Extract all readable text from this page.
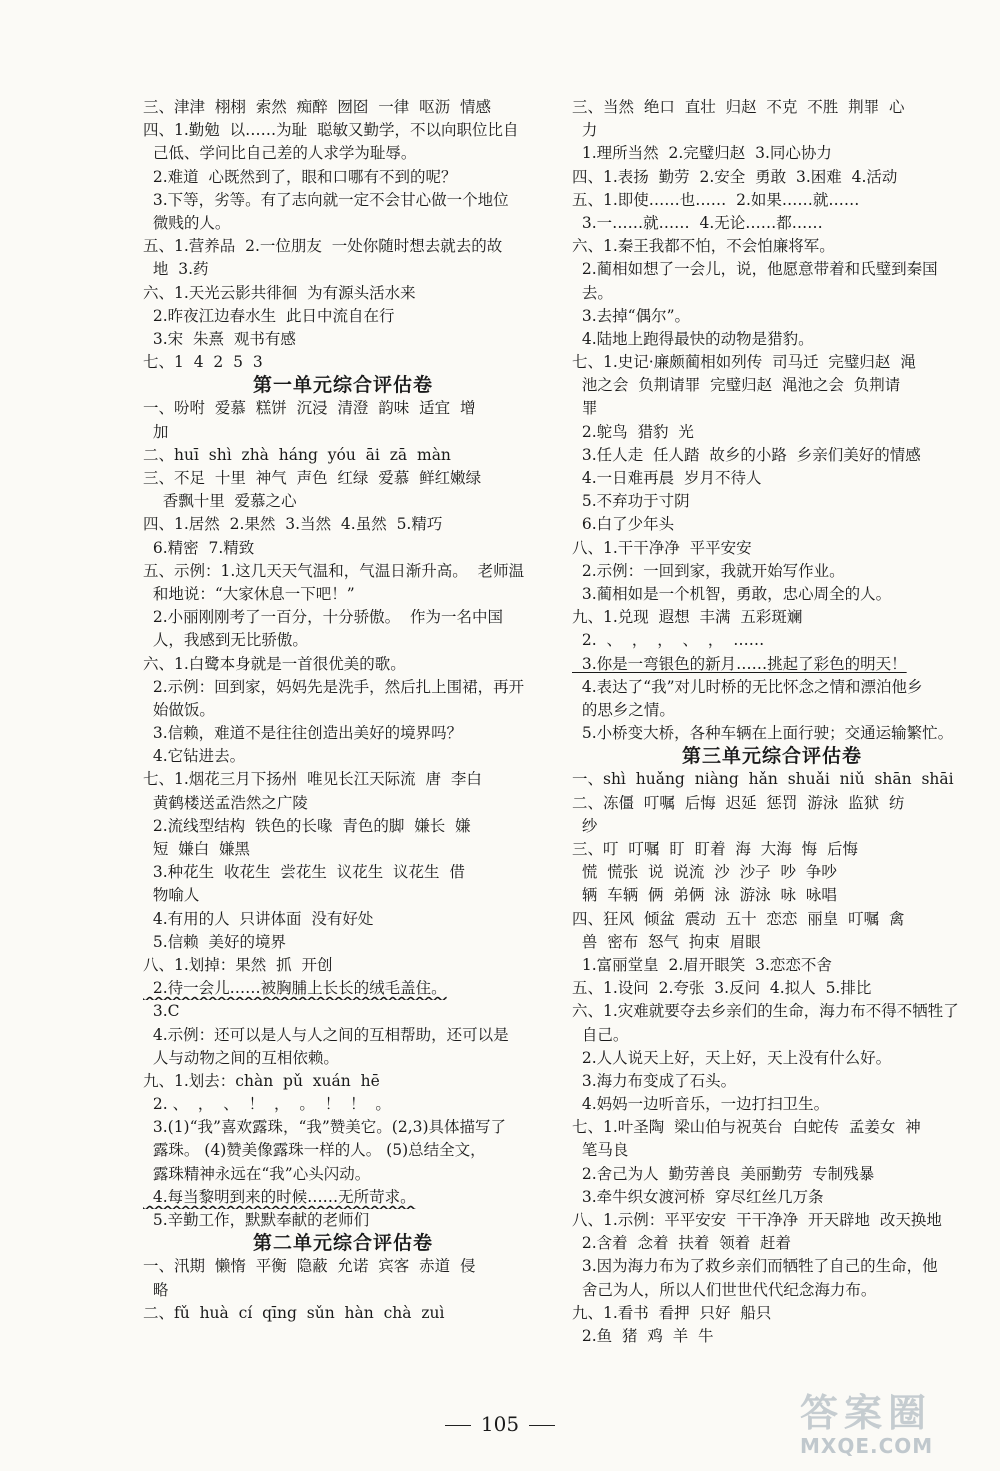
三、津津  栩栩  索然  痴醉  囫囵  一律  呕沥  情感
四、1.勤勉  以……为耻  聪敏又勤学，不以向职位比自
己低、学问比自己差的人求学为耻辱。
2.难道  心既然到了，眼和口哪有不到的呢？
3.下等，劣等。有了志向就一定不会甘心做一个地位
微贱的人。
五、1.营养品  2.一位朋友  一处你随时想去就去的故
地  3.药
六、1.天光云影共徘徊  为有源头活水来
2.昨夜江边春水生  此日中流自在行
3.宋  朱熹  观书有感
七、1  4  2  5  3
第一单元综合评估卷
一、吩咐  爱慕  糕饼  沉浸  清澄  韵味  适宜  增
加
二、huī  shì  zhà  háng  yóu  āi  zā  màn
三、不足  十里  神气  声色  红绿  爱慕  鲜红嫩绿
香飘十里  爱慕之心
四、1.居然  2.果然  3.当然  4.虽然  5.精巧
6.精密  7.精致
五、示例：1.这几天天气温和，气温日渐升高。  老师温
和地说：“大家休息一下吧！”
2.小丽刚刚考了一百分，十分骄傲。  作为一名中国
人，我感到无比骄傲。
六、1.白鹭本身就是一首很优美的歌。
2.示例：回到家，妈妈先是洗手，然后扎上围裙，再开
始做饭。
3.信赖，难道不是往往创造出美好的境界吗？
4.它钻进去。
七、1.烟花三月下扬州  唯见长江天际流  唐  李白
黄鹤楼送孟浩然之广陵
2.流线型结构  铁色的长喙  青色的脚  嫌长  嫌
短  嫌白  嫌黑
3.种花生  收花生  尝花生  议花生  议花生  借
物喻人
4.有用的人  只讲体面  没有好处
5.信赖  美好的境界
八、1.划掉：果然  抓  开创
2.待一会儿……被胸脯上长长的绒毛盖住。
3.C
4.示例：还可以是人与人之间的互相帮助，还可以是
人与动物之间的互相依赖。
九、1.划去：chàn  pǔ  xuán  hē
2. 、  ，  、  ！  ，  。  ！  ！  。
3.(1)“我”喜欢露珠，“我”赞美它。(2,3)具体描写了
露珠。 (4)赞美像露珠一样的人。 (5)总结全文，
露珠精神永远在“我”心头闪动。
4.每当黎明到来的时候……无所苛求。
5.辛勤工作，默默奉献的老师们
第二单元综合评估卷
一、汛期  懒惰  平衡  隐蔽  允诺  宾客  赤道  侵
略
二、fǔ  huà  cí  qīng  sǔn  hàn  chà  zuì
三、当然  绝口  直壮  归赵  不克  不胜  荆罪  心
力
1.理所当然  2.完璧归赵  3.同心协力
四、1.表扬  勤劳  2.安全  勇敢  3.困难  4.活动
五、1.即使……也……  2.如果……就……
3.一……就……  4.无论……都……
六、1.秦王我都不怕，不会怕廉将军。
2.蔺相如想了一会儿，说，他愿意带着和氏璧到秦国
去。
3.去掉“偶尔”。
4.陆地上跑得最快的动物是猎豹。
七、1.史记·廉颇蔺相如列传  司马迁  完璧归赵  渑
池之会  负荆请罪  完璧归赵  渑池之会  负荆请
罪
2.鸵鸟  猎豹  光
3.任人走  任人踏  故乡的小路  乡亲们美好的情感
4.一日难再晨  岁月不待人
5.不弃功于寸阴
6.白了少年头
八、1.干干净净  平平安安
2.示例：一回到家，我就开始写作业。
3.蔺相如是一个机智，勇敢，忠心周全的人。
九、1.兑现  遐想  丰满  五彩斑斓
2.  、  ，  ，  、  ，  ……
3.你是一弯银色的新月……挑起了彩色的明天！
4.表达了“我”对儿时桥的无比怀念之情和漂泊他乡
的思乡之情。
5.小桥变大桥，各种车辆在上面行驶；交通运输繁忙。
第三单元综合评估卷
一、shì  huǎng  niàng  hǎn  shuǎi  niǔ  shān  shāi
二、冻僵  叮嘱  后悔  迟延  惩罚  游泳  监狱  纺
纱
三、叮  叮嘱  盯  盯着  海  大海  悔  后悔
慌  慌张  说  说流  沙  沙子  吵  争吵
辆  车辆  俩  弟俩  泳  游泳  咏  咏唱
四、狂风  倾盆  震动  五十  恋恋  丽皇  叮嘱  禽
兽  密布  怒气  拘束  眉眼
1.富丽堂皇  2.眉开眼笑  3.恋恋不舍
五、1.设问  2.夸张  3.反问  4.拟人  5.排比
六、1.灾难就要夺去乡亲们的生命，海力布不得不牺牲了
自己。
2.人人说天上好，天上好，天上没有什么好。
3.海力布变成了石头。
4.妈妈一边听音乐，一边打扫卫生。
七、1.叶圣陶  梁山伯与祝英台  白蛇传  孟姜女  神
笔马良
2.舍己为人  勤劳善良  美丽勤劳  专制残暴
3.牵牛织女渡河桥  穿尽红丝几万条
八、1.示例：平平安安  干干净净  开天辟地  改天换地
2.含着  念着  扶着  领着  赶着
3.因为海力布为了救乡亲们而牺牲了自己的生命，他
舍己为人，所以人们世世代代纪念海力布。
九、1.看书  看押  只好  船只
2.鱼  猪  鸡  羊  牛
105	答案圈
MXQE.COM
